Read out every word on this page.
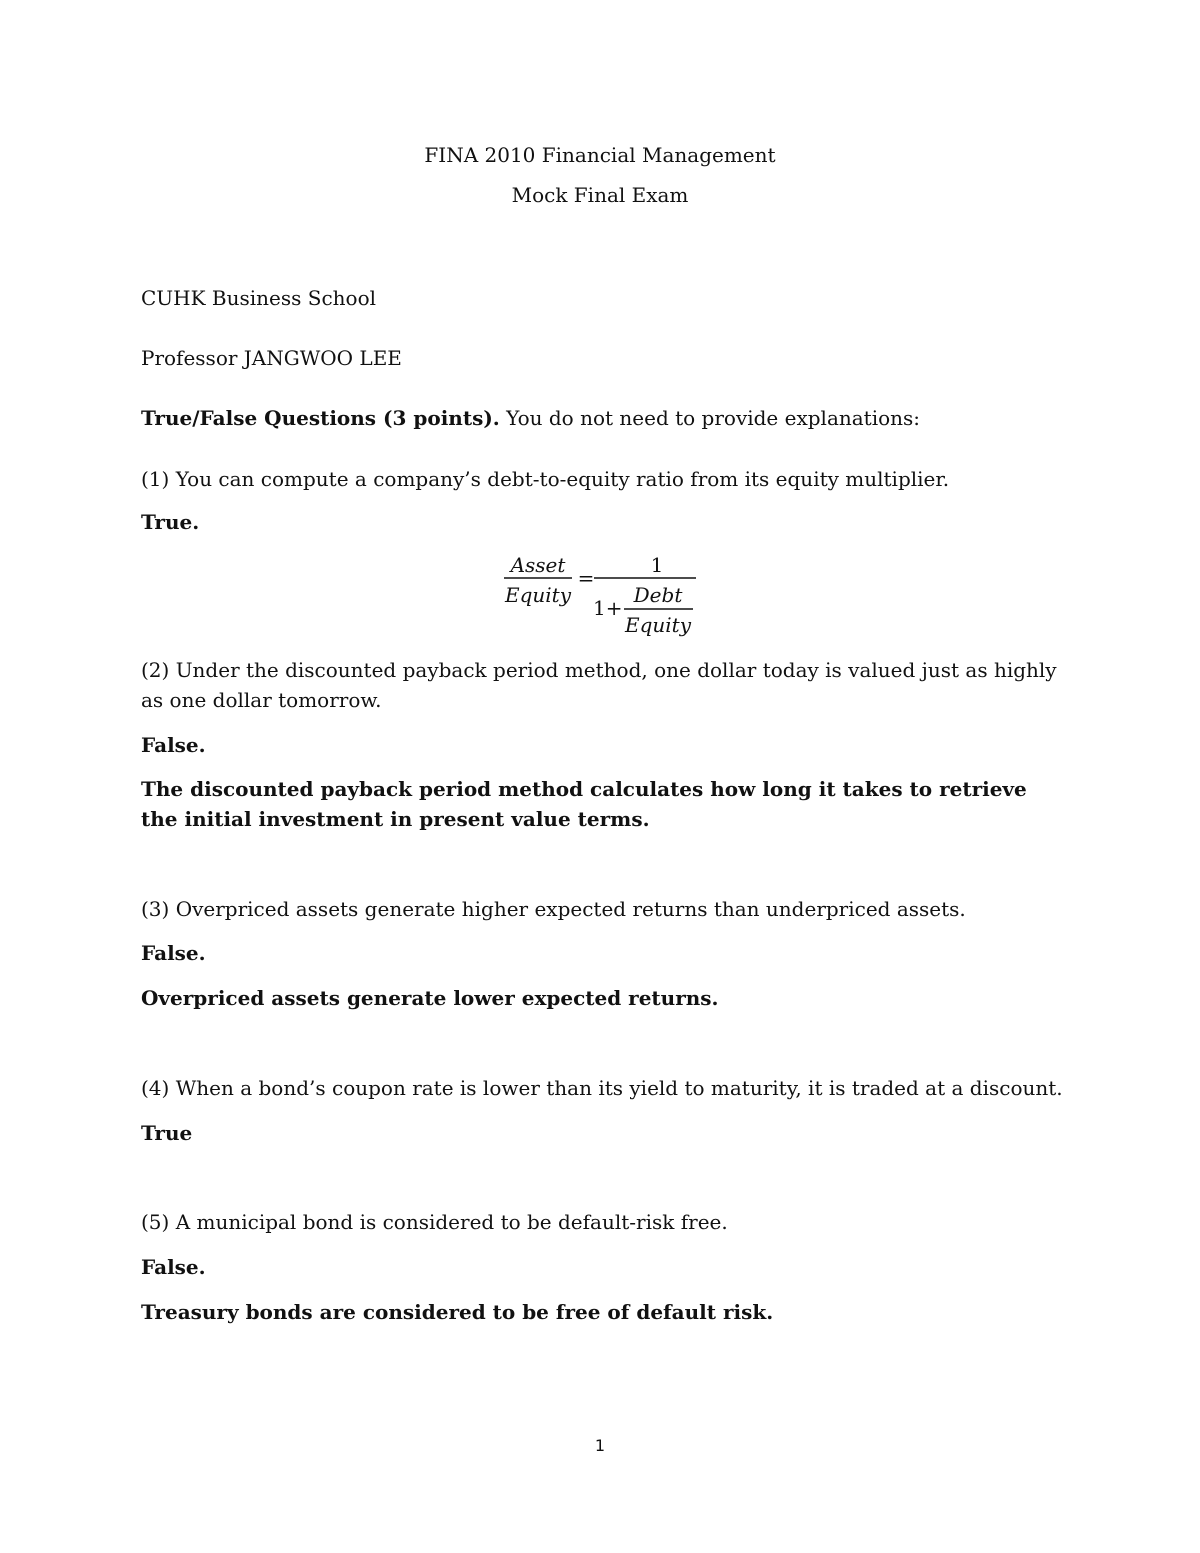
FINA 2010 Financial Management
Mock Final Exam
CUHK Business School
Professor JANGWOO LEE
True/False Questions (3 points). You do not need to provide explanations:
(1) You can compute a company’s debt-to-equity ratio from its equity multiplier.
True.
Asset
Equity
=
1
1+
Debt
Equity
(2) Under the discounted payback period method, one dollar today is valued just as highly as one dollar tomorrow.
False.
The discounted payback period method calculates how long it takes to retrieve the initial investment in present value terms.
(3) Overpriced assets generate higher expected returns than underpriced assets.
False.
Overpriced assets generate lower expected returns.
(4) When a bond’s coupon rate is lower than its yield to maturity, it is traded at a discount.
True
(5) A municipal bond is considered to be default-risk free.
False.
Treasury bonds are considered to be free of default risk.
1
